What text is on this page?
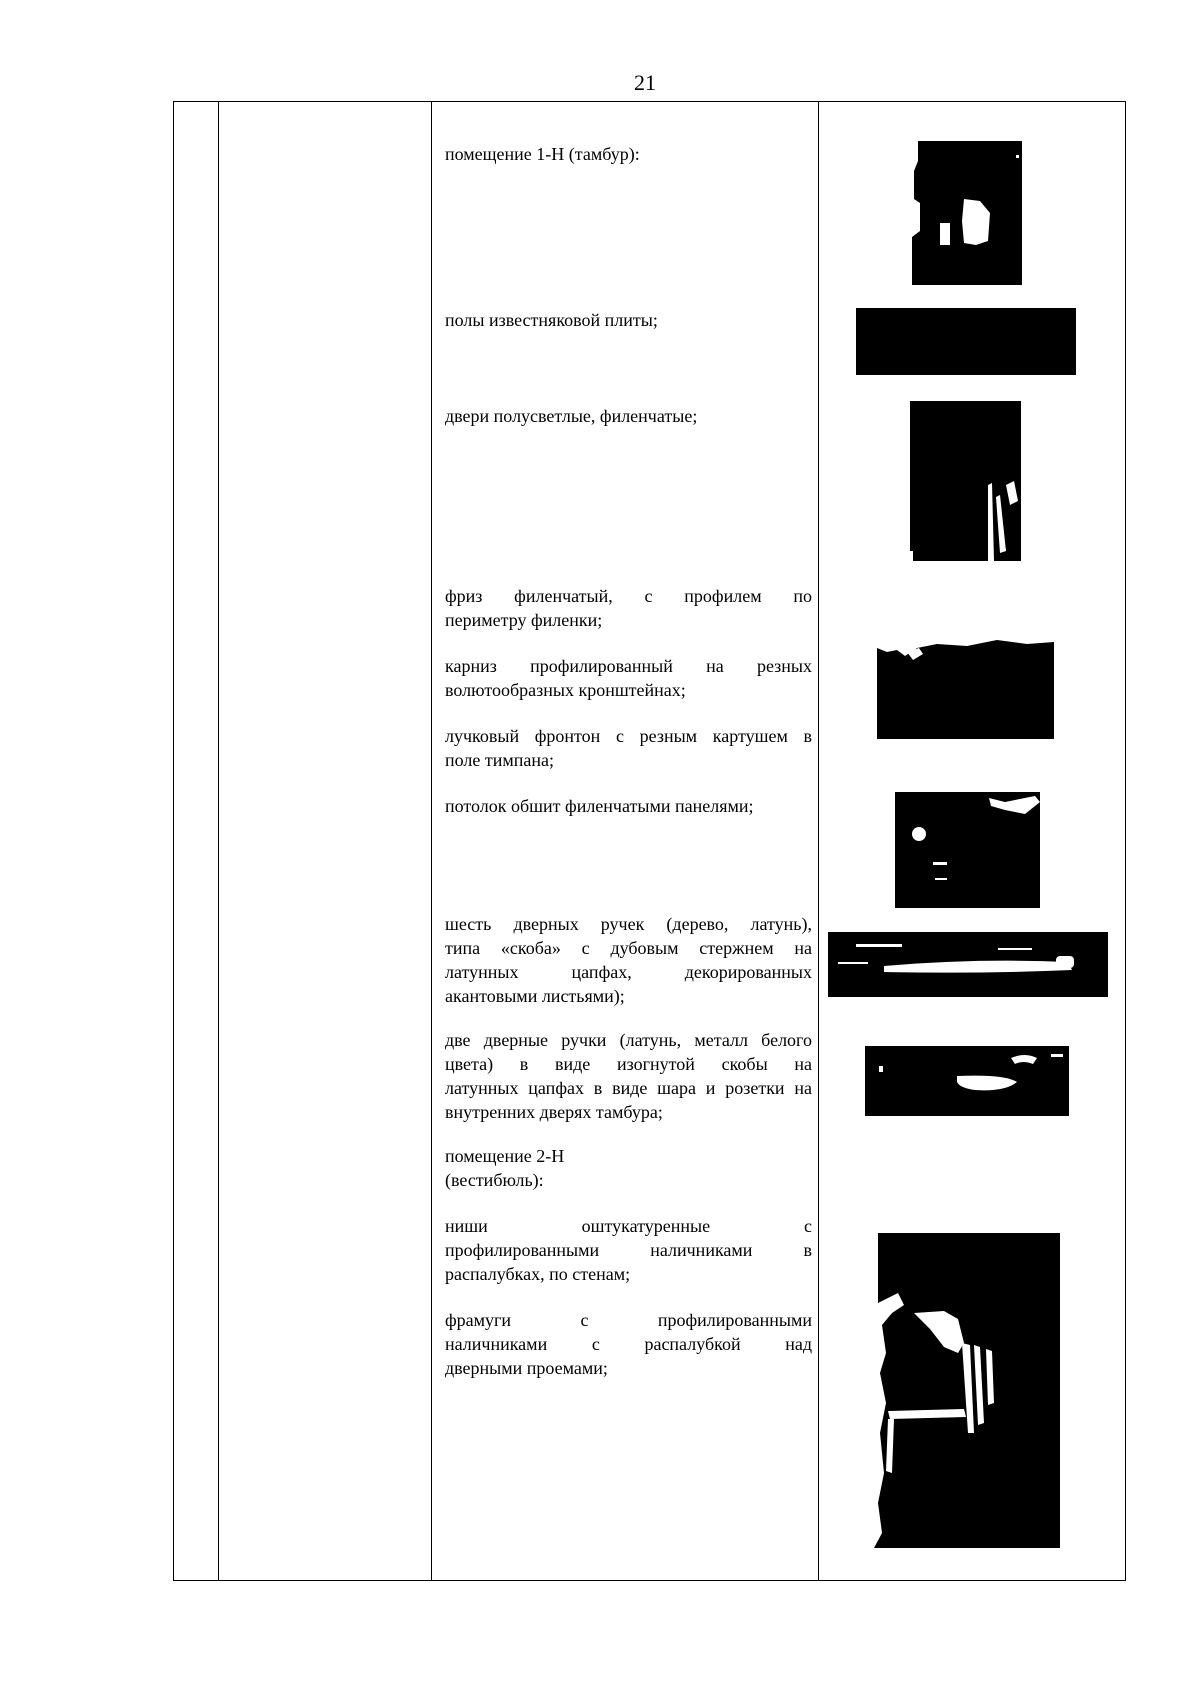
21
помещение 1-Н (тамбур):
полы известняковой плиты;
двери полусветлые, филенчатые;
фриз филенчатый, с профилем по
периметру филенки;
карниз профилированный на резных
волютообразных кронштейнах;
лучковый фронтон с резным картушем в
поле тимпана;
потолок обшит филенчатыми панелями;
шесть дверных ручек (дерево, латунь),
типа «скоба» с дубовым стержнем на
латунных цапфах, декорированных
акантовыми листьями);
две дверные ручки (латунь, металл белого
цвета) в виде изогнутой скобы на
латунных цапфах в виде шара и розетки на
внутренних дверях тамбура;
помещение 2-Н
(вестибюль):
ниши оштукатуренные с
профилированными наличниками в
распалубках, по стенам;
фрамуги с профилированными
наличниками с распалубкой над
дверными проемами;
